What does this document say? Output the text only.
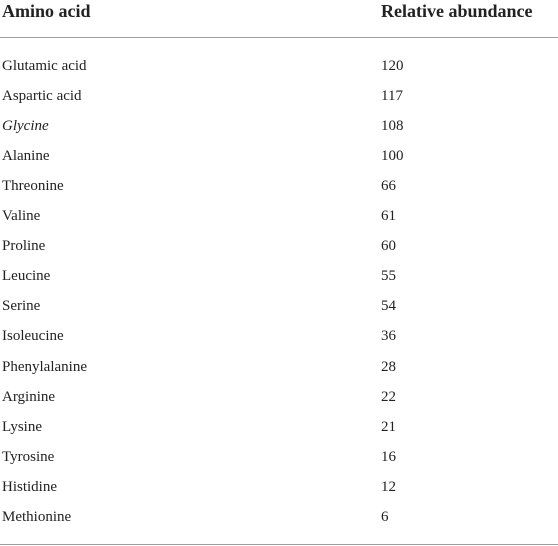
Amino acid	Relative abundance
Glutamic acid	120
Aspartic acid	117
Glycine	108
Alanine	100
Threonine	66
Valine	61
Proline	60
Leucine	55
Serine	54
Isoleucine	36
Phenylalanine	28
Arginine	22
Lysine	21
Tyrosine	16
Histidine	12
Methionine	6
